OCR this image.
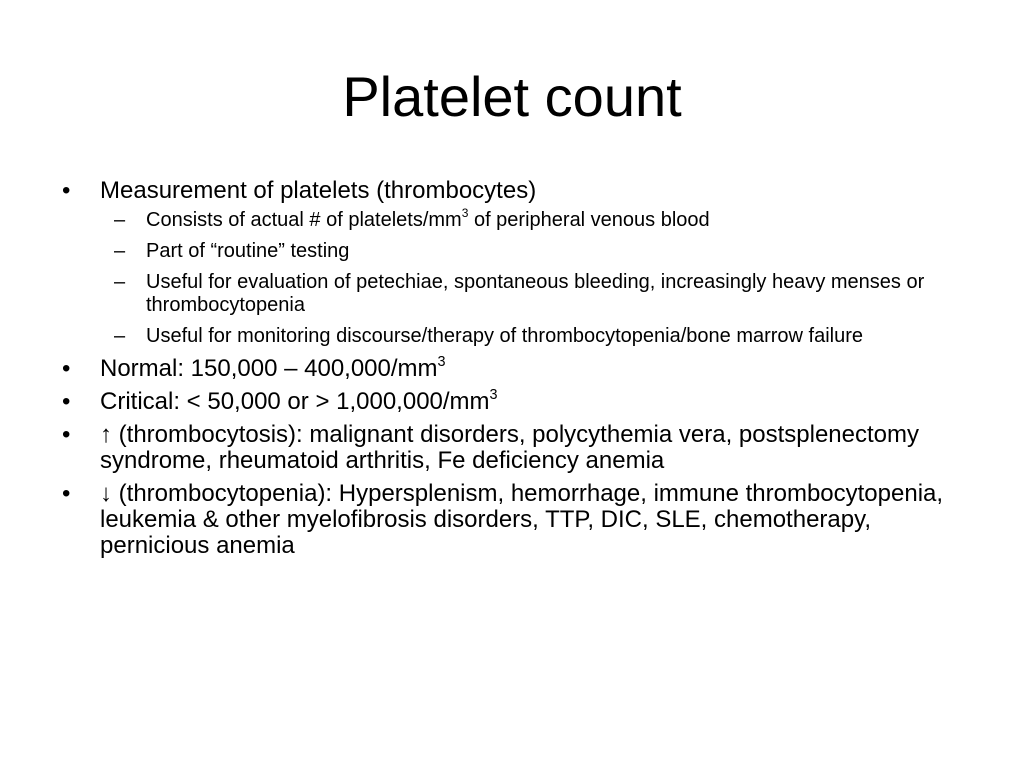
Platelet count
• Measurement of platelets (thrombocytes)
– Consists of actual # of platelets/$mm^3$ of peripheral venous blood
– Part of “routine” testing
– Useful for evaluation of petechiae, spontaneous bleeding, increasingly heavy menses or thrombocytopenia
– Useful for monitoring discourse/therapy of thrombocytopenia/bone marrow failure
• Normal: $150,000 - 400,000/mm^3$
• Critical: < 50,000 or > $1,000,000/mm^3$
• ↑ (thrombocytosis): malignant disorders, polycythemia vera, postsplenectomy syndrome, rheumatoid arthritis, Fe deficiency anemia
• ↓ (thrombocytopenia): Hypersplenism, hemorrhage, immune thrombocytopenia, leukemia & other myelofibrosis disorders, TTP, DIC, SLE, chemotherapy, pernicious anemia
